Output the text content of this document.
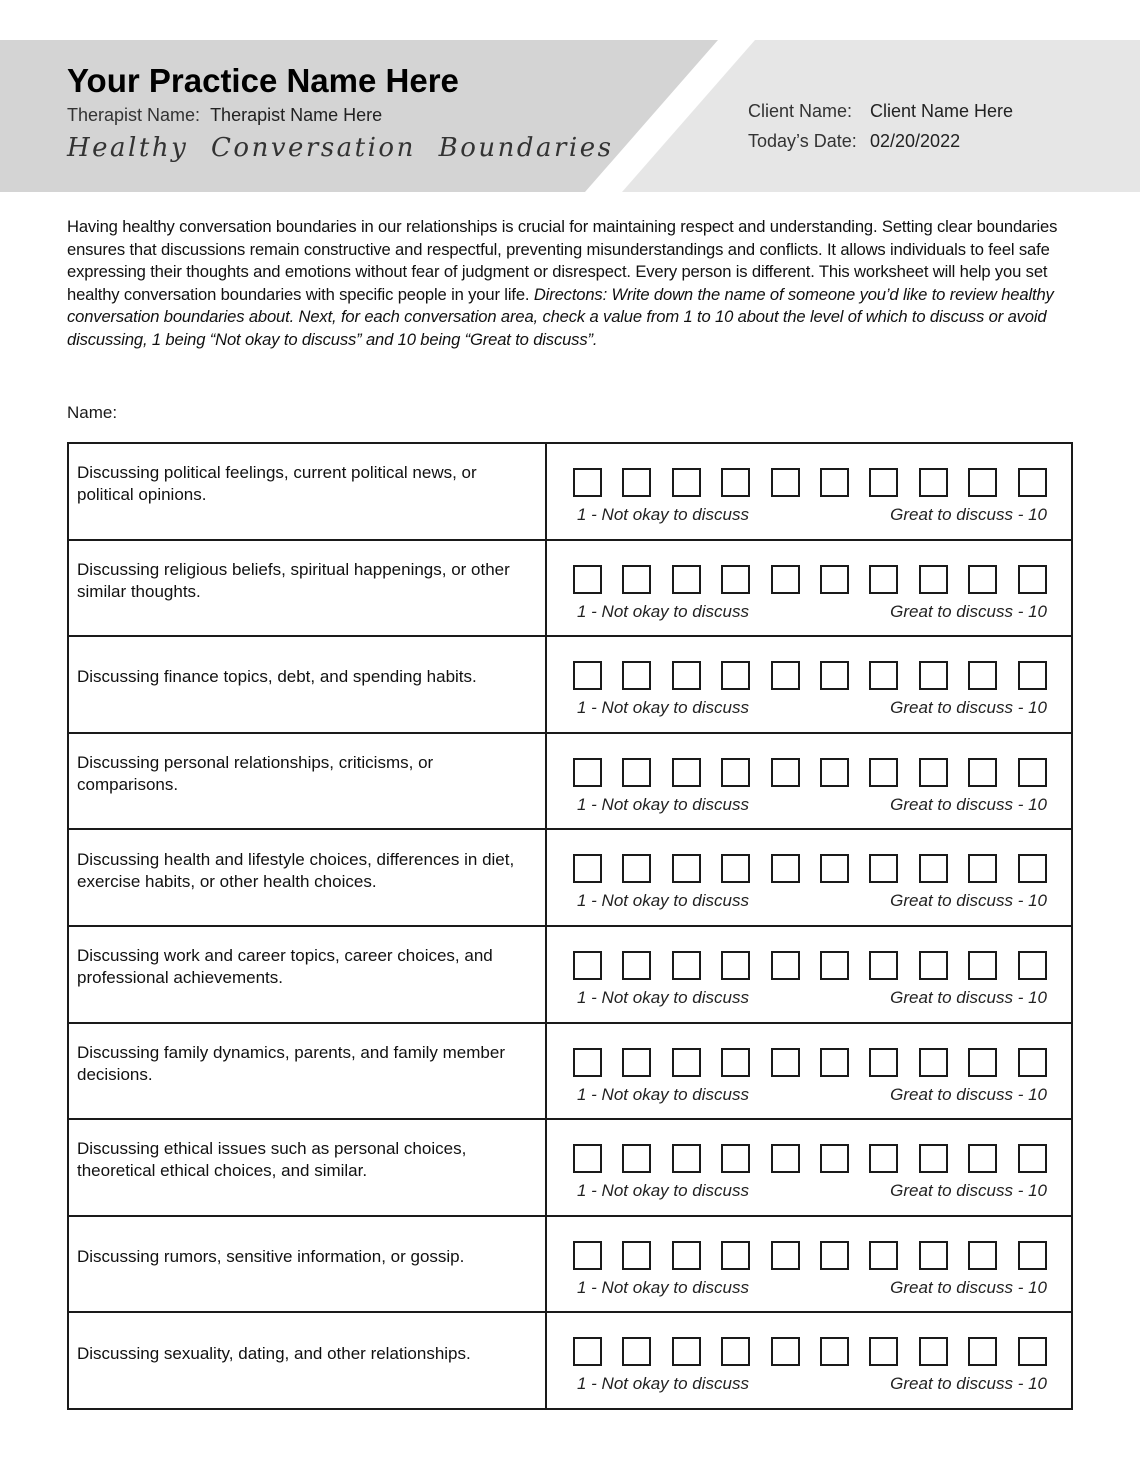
Your Practice Name Here
Therapist Name: Therapist Name Here
Healthy Conversation Boundaries
Client Name: Client Name Here
Today’s Date: 02/20/2022
Having healthy conversation boundaries in our relationships is crucial for maintaining respect and understanding. Setting clear boundaries ensures that discussions remain constructive and respectful, preventing misunderstandings and conflicts. It allows individuals to feel safe expressing their thoughts and emotions without fear of judgment or disrespect. Every person is different. This worksheet will help you set healthy conversation boundaries with specific people in your life. Directons: Write down the name of someone you’d like to review healthy conversation boundaries about. Next, for each conversation area, check a value from 1 to 10 about the level of which to discuss or avoid discussing, 1 being “Not okay to discuss” and 10 being “Great to discuss”.
Name:
Discussing political feelings, current political news, or political opinions.
1 - Not okay to discuss	Great to discuss - 10
Discussing religious beliefs, spiritual happenings, or other similar thoughts.
1 - Not okay to discuss	Great to discuss - 10
Discussing finance topics, debt, and spending habits.
1 - Not okay to discuss	Great to discuss - 10
Discussing personal relationships, criticisms, or comparisons.
1 - Not okay to discuss	Great to discuss - 10
Discussing health and lifestyle choices, differences in diet, exercise habits, or other health choices.
1 - Not okay to discuss	Great to discuss - 10
Discussing work and career topics, career choices, and professional achievements.
1 - Not okay to discuss	Great to discuss - 10
Discussing family dynamics, parents, and family member decisions.
1 - Not okay to discuss	Great to discuss - 10
Discussing ethical issues such as personal choices, theoretical ethical choices, and similar.
1 - Not okay to discuss	Great to discuss - 10
Discussing rumors, sensitive information, or gossip.
1 - Not okay to discuss	Great to discuss - 10
Discussing sexuality, dating, and other relationships.
1 - Not okay to discuss	Great to discuss - 10
